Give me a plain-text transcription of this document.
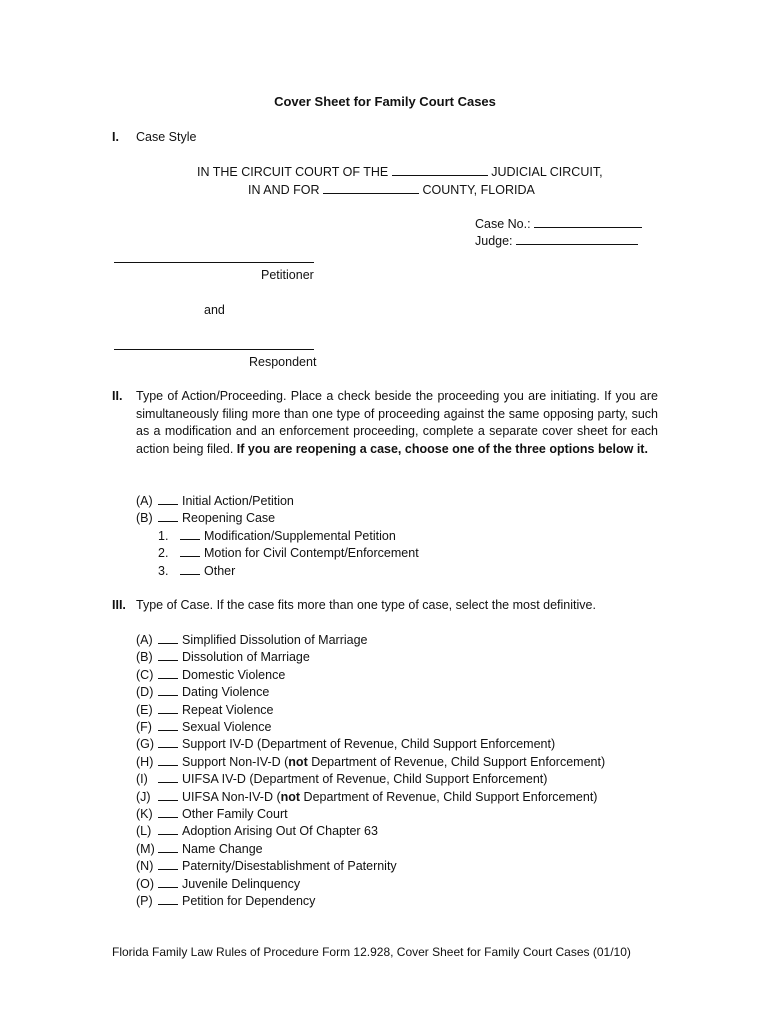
Cover Sheet for Family Court Cases
I. Case Style
IN THE CIRCUIT COURT OF THE	JUDICIAL CIRCUIT,
IN AND FOR	COUNTY, FLORIDA
Case No.:
Judge:
Petitioner
and
Respondent
II. Type of Action/Proceeding. Place a check beside the proceeding you are initiating. If you are simultaneously filing more than one type of proceeding against the same opposing party, such as a modification and an enforcement proceeding, complete a separate cover sheet for each action being filed. If you are reopening a case, choose one of the three options below it.
(A) Initial Action/Petition
(B) Reopening Case
1.	Modification/Supplemental Petition
2.	Motion for Civil Contempt/Enforcement
3.	Other
III. Type of Case. If the case fits more than one type of case, select the most definitive.
(A) Simplified Dissolution of Marriage
(B) Dissolution of Marriage
(C) Domestic Violence
(D) Dating Violence
(E) Repeat Violence
(F) Sexual Violence
(G) Support IV-D (Department of Revenue, Child Support Enforcement)
(H) Support Non-IV-D (not Department of Revenue, Child Support Enforcement)
(I)	UIFSA IV-D (Department of Revenue, Child Support Enforcement)
(J)	UIFSA Non-IV-D (not Department of Revenue, Child Support Enforcement)
(K) Other Family Court
(L) Adoption Arising Out Of Chapter 63
(M) Name Change
(N) Paternity/Disestablishment of Paternity
(O) Juvenile Delinquency
(P) Petition for Dependency
Florida Family Law Rules of Procedure Form 12.928, Cover Sheet for Family Court Cases (01/10)
